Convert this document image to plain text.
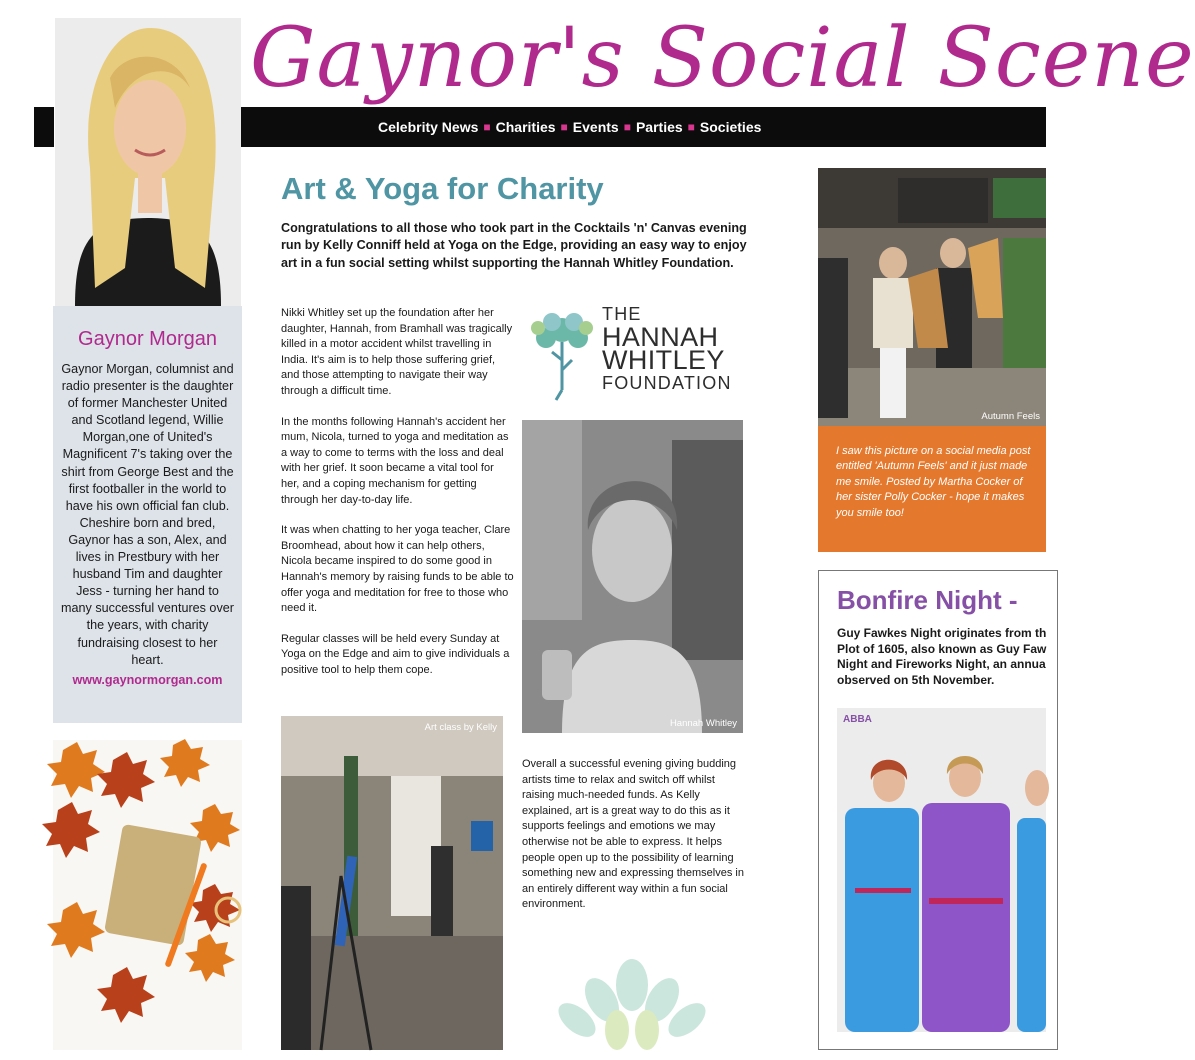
Gaynor's Social Scene
Celebrity News ■ Charities ■ Events ■ Parties ■ Societies
Gaynor Morgan
Gaynor Morgan, columnist and radio presenter is the daughter of former Manchester United and Scotland legend, Willie Morgan,one of United's Magnificent 7's taking over the shirt from George Best and the first footballer in the world to have his own official fan club. Cheshire born and bred, Gaynor has a son, Alex, and lives in Prestbury with her husband Tim and daughter Jess - turning her hand to many successful ventures over the years, with charity fundraising closest to her heart.
www.gaynormorgan.com
Art & Yoga for Charity
Congratulations to all those who took part in the Cocktails 'n' Canvas evening run by Kelly Conniff held at Yoga on the Edge, providing an easy way to enjoy art in a fun social setting whilst supporting the Hannah Whitley Foundation.

Nikki Whitley set up the foundation after her daughter, Hannah, from Bramhall was tragically killed in a motor accident whilst travelling in India. It's aim is to help those suffering grief, and those attempting to navigate their way through a difficult time.

In the months following Hannah's accident her mum, Nicola, turned to yoga and meditation as a way to come to terms with the loss and deal with her grief. It soon became a vital tool for her, and a coping mechanism for getting through her day-to-day life.

It was when chatting to her yoga teacher, Clare Broomhead, about how it can help others, Nicola became inspired to do some good in Hannah's memory by raising funds to be able to offer yoga and meditation for free to those who need it.

Regular classes will be held every Sunday at Yoga on the Edge and aim to give individuals a positive tool to help them cope.

THE
HANNAH
WHITLEY
FOUNDATION
Hannah Whitley
Art class by Kelly
Overall a successful evening giving budding artists time to relax and switch off whilst raising much-needed funds. As Kelly explained, art is a great way to do this as it supports feelings and emotions we may otherwise not be able to express. It helps people open up to the possibility of learning something new and expressing themselves in an entirely different way within a fun social environment.
Autumn Feels
I saw this picture on a social media post entitled 'Autumn Feels' and it just made me smile. Posted by Martha Cocker of her sister Polly Cocker - hope it makes you smile too!
Bonfire Night -
Guy Fawkes Night originates from th
Plot of 1605, also known as Guy Faw
Night and Fireworks Night, an annua
observed on 5th November.
ABBA
